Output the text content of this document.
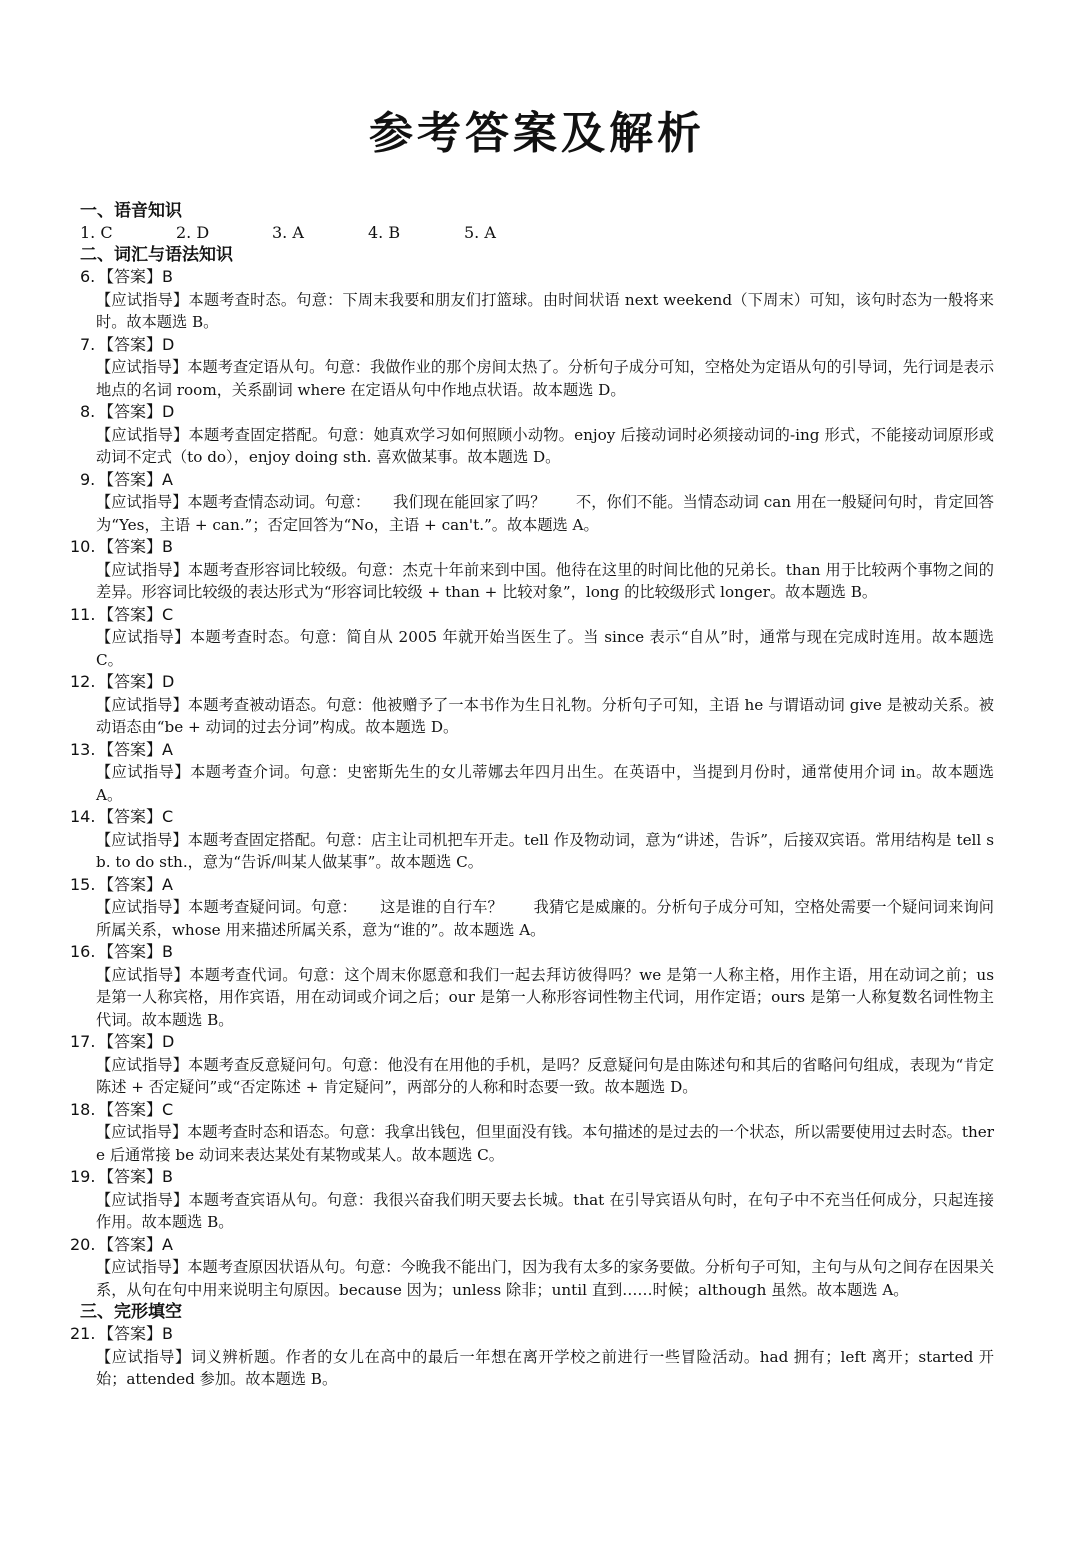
参考答案及解析

一、语音知识

1. C	2. D	3. A	4. B	5. A

二、词汇与语法知识

6. 【答案】B

【应试指导】本题考查时态。句意：下周末我要和朋友们打篮球。由时间状语 next weekend（下周末）可知，该句时态为一般将来时。故本题选 B。

7. 【答案】D

【应试指导】本题考查定语从句。句意：我做作业的那个房间太热了。分析句子成分可知，空格处为定语从句的引导词，先行词是表示地点的名词 room，关系副词 where 在定语从句中作地点状语。故本题选 D。

8. 【答案】D

【应试指导】本题考查固定搭配。句意：她真欢学习如何照顾小动物。enjoy 后接动词时必须接动词的-ing 形式，不能接动词原形或动词不定式（to do），enjoy doing sth. 喜欢做某事。故本题选 D。

9. 【答案】A

【应试指导】本题考查情态动词。句意：　　我们现在能回家了吗？　　不，你们不能。当情态动词 can 用在一般疑问句时，肯定回答为“Yes，主语 + can.”；否定回答为“No，主语 + can't.”。故本题选 A。

10. 【答案】B

【应试指导】本题考查形容词比较级。句意：杰克十年前来到中国。他待在这里的时间比他的兄弟长。than 用于比较两个事物之间的差异。形容词比较级的表达形式为“形容词比较级 + than + 比较对象”，long 的比较级形式 longer。故本题选 B。

11. 【答案】C

【应试指导】本题考查时态。句意：简自从 2005 年就开始当医生了。当 since 表示“自从”时，通常与现在完成时连用。故本题选 C。

12. 【答案】D

【应试指导】本题考查被动语态。句意：他被赠予了一本书作为生日礼物。分析句子可知，主语 he 与谓语动词 give 是被动关系。被动语态由“be + 动词的过去分词”构成。故本题选 D。

13. 【答案】A

【应试指导】本题考查介词。句意：史密斯先生的女儿蒂娜去年四月出生。在英语中，当提到月份时，通常使用介词 in。故本题选 A。

14. 【答案】C

【应试指导】本题考查固定搭配。句意：店主让司机把车开走。tell 作及物动词，意为“讲述，告诉”，后接双宾语。常用结构是 tell sb. to do sth.，意为“告诉/叫某人做某事”。故本题选 C。

15. 【答案】A

【应试指导】本题考查疑问词。句意：　　这是谁的自行车？　　我猜它是威廉的。分析句子成分可知，空格处需要一个疑问词来询问所属关系，whose 用来描述所属关系，意为“谁的”。故本题选 A。

16. 【答案】B

【应试指导】本题考查代词。句意：这个周末你愿意和我们一起去拜访彼得吗？we 是第一人称主格，用作主语，用在动词之前；us 是第一人称宾格，用作宾语，用在动词或介词之后；our 是第一人称形容词性物主代词，用作定语；ours 是第一人称复数名词性物主代词。故本题选 B。

17. 【答案】D

【应试指导】本题考查反意疑问句。句意：他没有在用他的手机，是吗？反意疑问句是由陈述句和其后的省略问句组成，表现为“肯定陈述 + 否定疑问”或“否定陈述 + 肯定疑问”，两部分的人称和时态要一致。故本题选 D。

18. 【答案】C

【应试指导】本题考查时态和语态。句意：我拿出钱包，但里面没有钱。本句描述的是过去的一个状态，所以需要使用过去时态。there 后通常接 be 动词来表达某处有某物或某人。故本题选 C。

19. 【答案】B

【应试指导】本题考查宾语从句。句意：我很兴奋我们明天要去长城。that 在引导宾语从句时，在句子中不充当任何成分，只起连接作用。故本题选 B。

20. 【答案】A

【应试指导】本题考查原因状语从句。句意：今晚我不能出门，因为我有太多的家务要做。分析句子可知，主句与从句之间存在因果关系，从句在句中用来说明主句原因。because 因为；unless 除非；until 直到……时候；although 虽然。故本题选 A。

三、完形填空

21. 【答案】B

【应试指导】词义辨析题。作者的女儿在高中的最后一年想在离开学校之前进行一些冒险活动。had 拥有；left 离开；started 开始；attended 参加。故本题选 B。
